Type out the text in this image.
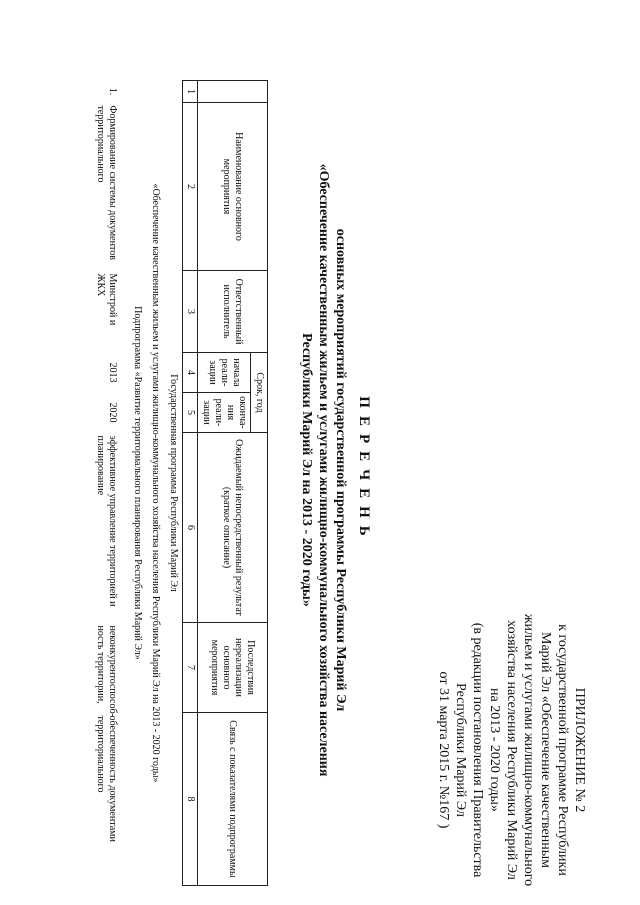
ПРИЛОЖЕНИЕ № 2
к государственной программе Республики
Марий Эл «Обеспечение качественным
жильем и услугами жилищно-коммунального
хозяйства населения Республики Марий Эл
на 2013 - 2020 годы»
(в редакции постановления Правительства
Республики Марий Эл
от 31 марта 2015 г. №167 )
ПЕРЕЧЕНЬ
основных мероприятий государственной программы Республики Марий Эл
«Обеспечение качественным жильем и услугами жилищно-коммунального хозяйства населения
Республики Марий Эл на 2013 - 2020 годы»
	Наименование основного мероприятия	Ответственный исполнитель	Срок, год		Ожидаемый непосредственный результат (краткое описание)	Последствия нереализации основного мероприятия	Связь с показателями подпрограммы
			начала реали-зации	оконча-ния реали-зации			
1	2	3	4	5	6	7	8
Государственная программа Республики Марий Эл							
«Обеспечение качественным жильем и услугами жилищно-коммунального хозяйства населения Республики Марий Эл на 2013 - 2020 годы»							
Подпрограмма «Развитие территориального планирования Республики Марий Эл»							
1.	Формирование системы документов территориального	Минстрой и ЖКХ	2013	2020	эффективное управление территорией и планирование	неконкурентоспособ-ность территории,	обеспеченность документами территориального
